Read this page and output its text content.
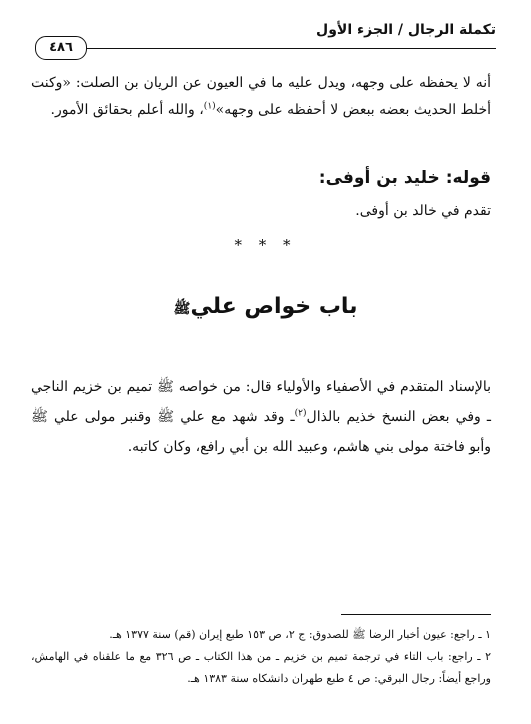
تكملة الرجال / الجزء الأول
٤٨٦
أنه لا يحفظه على وجهه، ويدل عليه ما في العيون عن الريان بن الصلت: «وكنت أخلط الحديث بعضه ببعض لا أحفظه على وجهه»$^{(١)}$، والله أعلم بحقائق الأمور.
قوله: خليد بن أوفى:
تقدم في خالد بن أوفى.
* * *
باب خواص عليﷺ
بالإسناد المتقدم في الأصفياء والأولياء قال: من خواصه ﷺ تميم بن خزيم الناجي ـ وفي بعض النسخ خذيم بالذال$^{(٢)}$ـ وقد شهد مع علي ﷺ وقنبر مولى علي ﷺ وأبو فاختة مولى بني هاشم، وعبيد الله بن أبي رافع، وكان كاتبه.

١ ـ راجع: عيون أخبار الرضا ﷺ للصدوق: ج ٢، ص ١٥٣ طبع إيران (قم) سنة ١٣٧٧ هـ.

٢ ـ راجع: باب التاء في ترجمة تميم بن خزيم ـ من هذا الكتاب ـ ص ٣٢٦ مع ما علقناه في الهامش، وراجع أيضاً: رجال البرقي: ص ٤ طبع طهران دانشكاه سنة ١٣٨٣ هـ.
